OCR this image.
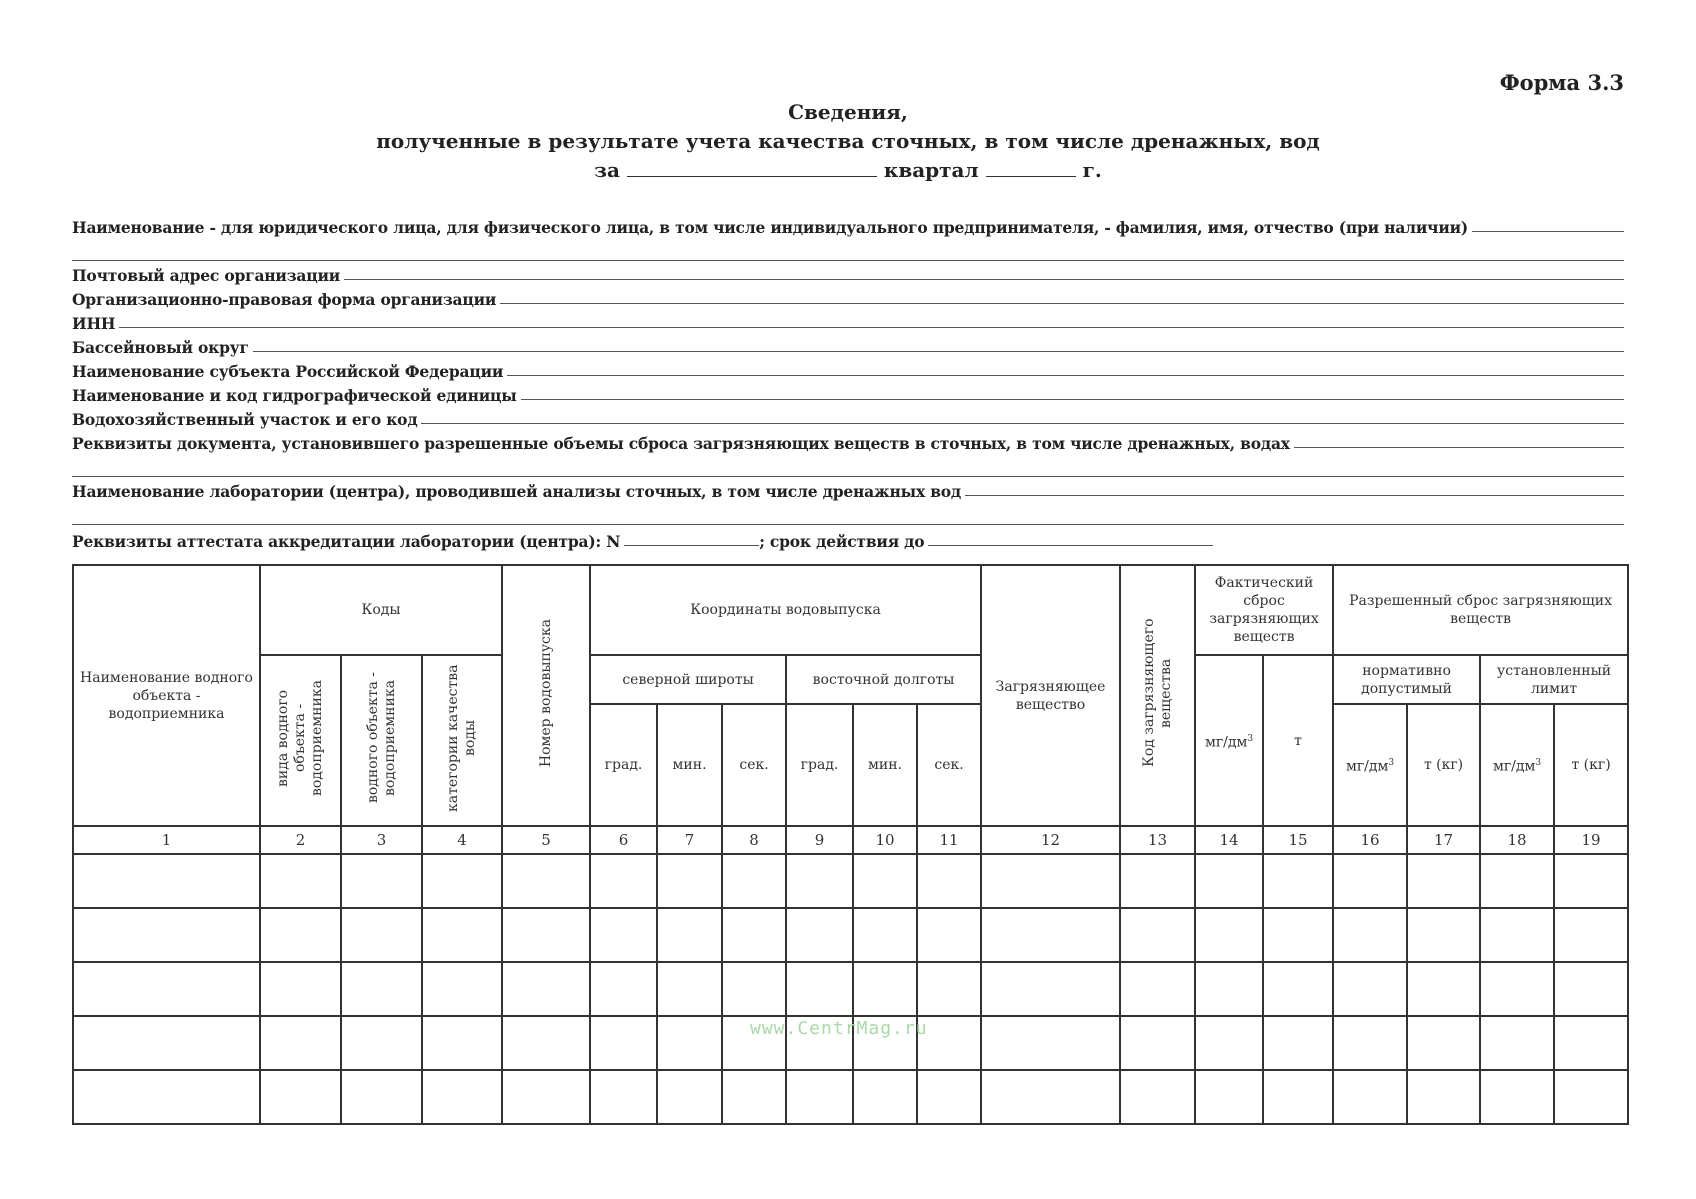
Форма 3.3
Сведения,
полученные в результате учета качества сточных, в том числе дренажных, вод
за	квартал	г.
Наименование - для юридического лица, для физического лица, в том числе индивидуального предпринимателя, - фамилия, имя, отчество (при наличии)
Почтовый адрес организации
Организационно-правовая форма организации
ИНН
Бассейновый округ
Наименование субъекта Российской Федерации
Наименование и код гидрографической единицы
Водохозяйственный участок и его код
Реквизиты документа, установившего разрешенные объемы сброса загрязняющих веществ в сточных, в том числе дренажных, водах
Наименование лаборатории (центра), проводившей анализы сточных, в том числе дренажных вод
Реквизиты аттестата аккредитации лаборатории (центра): N	; срок действия до
Наименование водного объекта - водоприемника	Коды			Номер водовыпуска	Координаты водовыпуска						Загрязняющее вещество	Код загрязняющего вещества	Фактический сброс загрязняющих веществ		Разрешенный сброс загрязняющих веществ			
	вида водного объекта - водоприемника	водного объекта - водоприемника	категории качества воды		северной широты			восточной долготы					$мг/дм^3$	т	нормативно допустимый		установленный лимит	
					град.	мин.	сек.	град.	мин.	сек.					$мг/дм^3$	т (кг)	$мг/дм^3$	т (кг)
1	2	3	4	5	6	7	8	9	10	11	12	13	14	15	16	17	18	19

www.CentrMag.ru
